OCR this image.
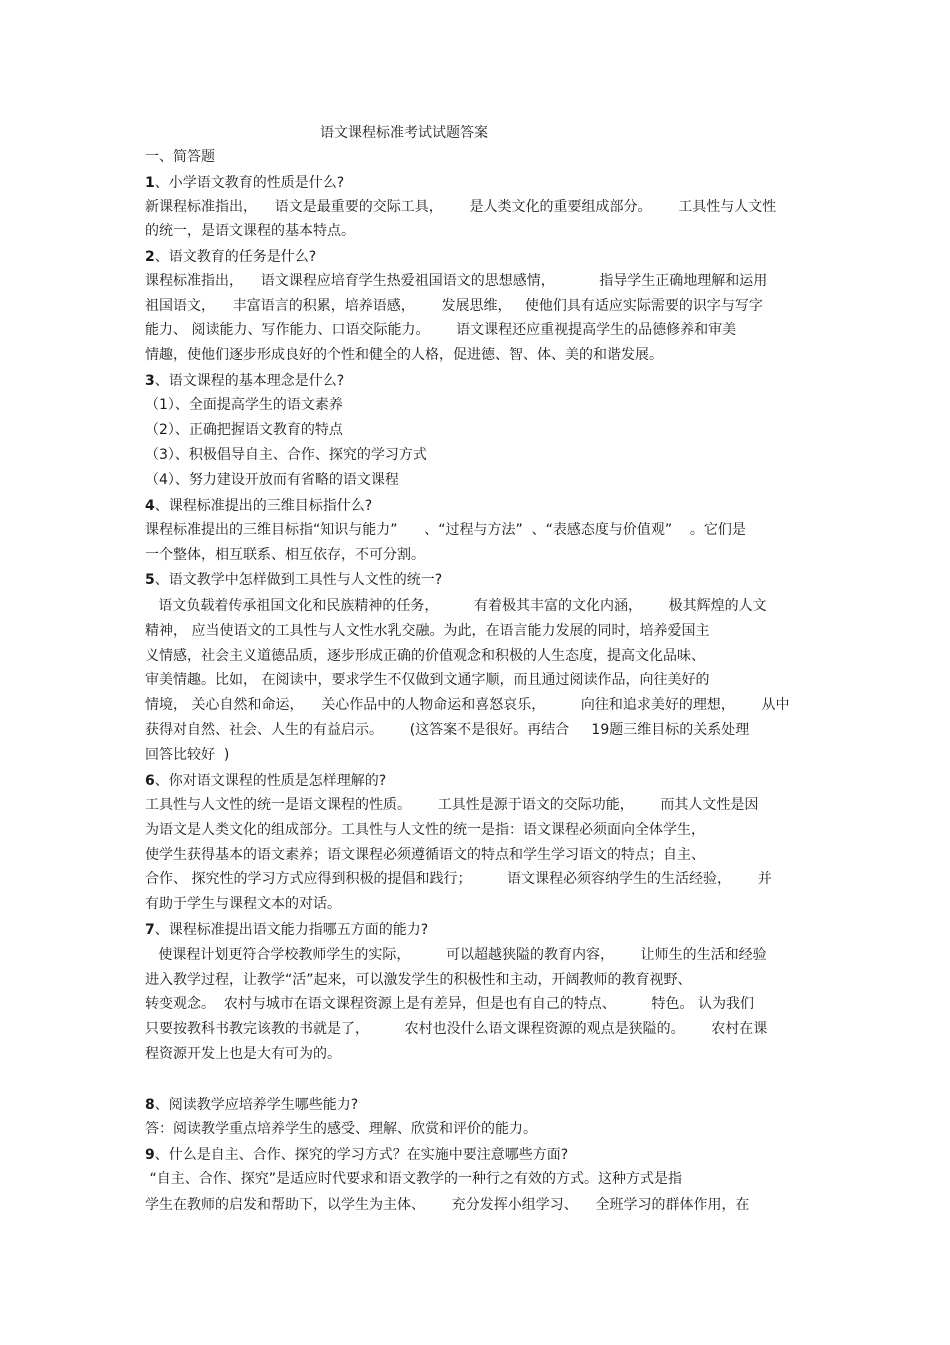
语文课程标准考试试题答案
一、简答题
1、小学语文教育的性质是什么?
新课程标准指出，    语文是最重要的交际工具，      是人类文化的重要组成部分。      工具性与人文性
的统一，是语文课程的基本特点。
2、语文教育的任务是什么?
课程标准指出，    语文课程应培育学生热爱祖国语文的思想感情，          指导学生正确地理解和运用
祖国语文，    丰富语言的积累，培养语感，      发展思维，   使他们具有适应实际需要的识字与写字
能力、 阅读能力、写作能力、口语交际能力。      语文课程还应重视提高学生的品德修养和审美
情趣，使他们逐步形成良好的个性和健全的人格，促进德、智、体、美的和谐发展。
3、语文课程的基本理念是什么?
（1）、全面提高学生的语文素养
（2）、正确把握语文教育的特点
（3）、积极倡导自主、合作、探究的学习方式
（4）、努力建设开放而有省略的语文课程
4、课程标准提出的三维目标指什么?
课程标准提出的三维目标指“知识与能力”      、“过程与方法”  、“表感态度与价值观”    。它们是
一个整体，相互联系、相互依存，不可分割。
5、语文教学中怎样做到工具性与人文性的统一?
语文负载着传承祖国文化和民族精神的任务，        有着极其丰富的文化内涵，      极其辉煌的人文
精神， 应当使语文的工具性与人文性水乳交融。为此，在语言能力发展的同时，培养爱国主
义情感，社会主义道德品质，逐步形成正确的价值观念和积极的人生态度，提高文化品味、
审美情趣。比如， 在阅读中，要求学生不仅做到文通字顺，而且通过阅读作品，向往美好的
情境， 关心自然和命运，    关心作品中的人物命运和喜怒哀乐，        向往和追求美好的理想，      从中
获得对自然、社会、人生的有益启示。      (这答案不是很好。再结合     19题三维目标的关系处理
回答比较好  )
6、你对语文课程的性质是怎样理解的?
工具性与人文性的统一是语文课程的性质。      工具性是源于语文的交际功能，      而其人文性是因
为语文是人类文化的组成部分。工具性与人文性的统一是指：语文课程必须面向全体学生，
使学生获得基本的语文素养；语文课程必须遵循语文的特点和学生学习语文的特点；自主、
合作、 探究性的学习方式应得到积极的提倡和践行；        语文课程必须容纳学生的生活经验，      并
有助于学生与课程文本的对话。
7、课程标准提出语文能力指哪五方面的能力?
使课程计划更符合学校教师学生的实际，        可以超越狭隘的教育内容，      让师生的生活和经验
进入教学过程，让教学“活”起来，可以激发学生的积极性和主动，开阔教师的教育视野、
转变观念。  农村与城市在语文课程资源上是有差异，但是也有自己的特点、        特色。 认为我们
只要按教科书教完该教的书就是了，        农村也没什么语文课程资源的观点是狭隘的。      农村在课
程资源开发上也是大有可为的。
8、阅读教学应培养学生哪些能力?
答：阅读教学重点培养学生的感受、理解、欣赏和评价的能力。
9、什么是自主、合作、探究的学习方式？在实施中要注意哪些方面?
“自主、合作、探究”是适应时代要求和语文教学的一种行之有效的方式。这种方式是指
学生在教师的启发和帮助下，以学生为主体、      充分发挥小组学习、    全班学习的群体作用，在
